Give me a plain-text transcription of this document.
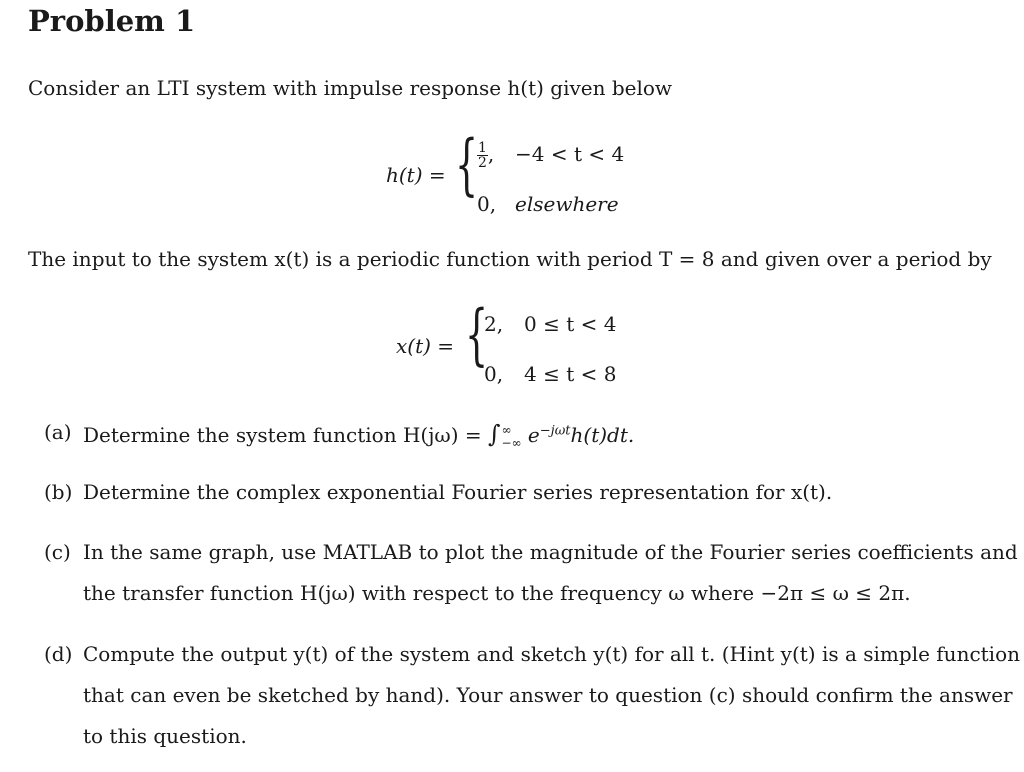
Problem 1
Consider an LTI system with impulse response h(t) given below
h(t) = {
$\frac{1}{2}$ , −4 < t < 4
0, elsewhere
The input to the system x(t) is a periodic function with period T = 8 and given over a period by
x(t) = {
2, 0 ≤ t < 4
0, 4 ≤ t < 8
(a) Determine the system function H(jω) = ∫ ∞
−∞ $e^{-j\omega t}h(t)dt$.
(b) Determine the complex exponential Fourier series representation for x(t).
(c) In the same graph, use MATLAB to plot the magnitude of the Fourier series coefficients and
the transfer function H(jω) with respect to the frequency ω where −2π ≤ ω ≤ 2π.
(d) Compute the output y(t) of the system and sketch y(t) for all t. (Hint y(t) is a simple function
that can even be sketched by hand). Your answer to question (c) should confirm the answer
to this question.
